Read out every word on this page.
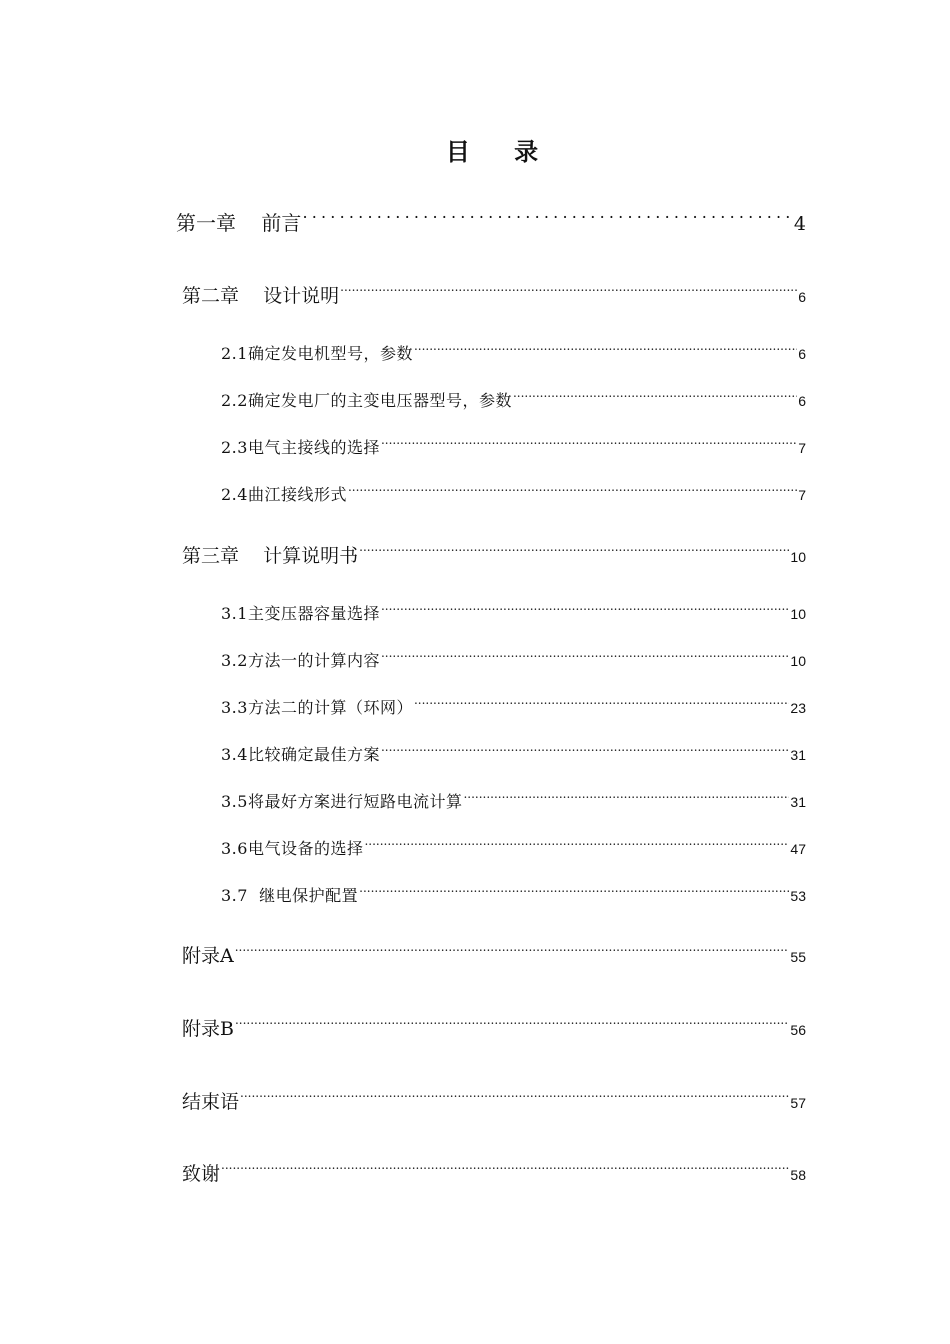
目 录
第一章    前言 .....	4
第二章    设计说明 .....	6
2.1确定发电机型号，参数 .....	6
2.2确定发电厂的主变电压器型号，参数 .....	6
2.3电气主接线的选择 .....	7
2.4曲江接线形式 .....	7
第三章    计算说明书 .....	10
3.1主变压器容量选择 .....	10
3.2方法一的计算内容 .....	10
3.3方法二的计算（环网） .....	23
3.4比较确定最佳方案 .....	31
3.5将最好方案进行短路电流计算 .....	31
3.6电气设备的选择 .....	47
3.7  继电保护配置 .....	53
附录A .....	55
附录B .....	56
结束语 .....	57
致谢 .....	58
